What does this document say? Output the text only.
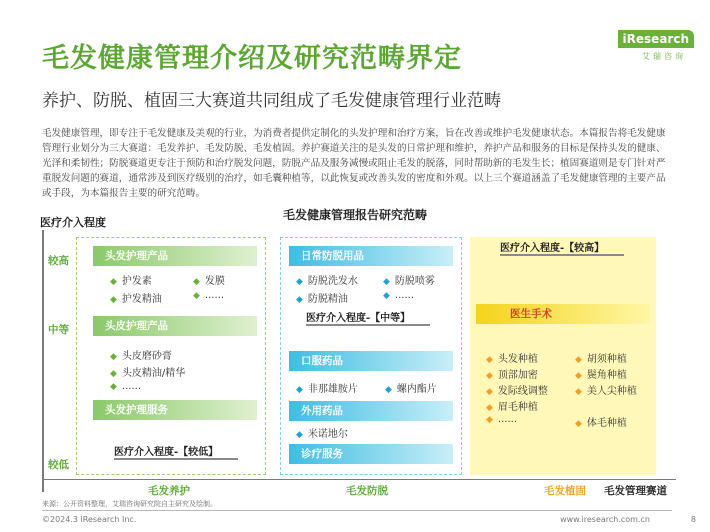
毛发健康管理介绍及研究范畴界定
养护、防脱、植固三大赛道共同组成了毛发健康管理行业范畴
iResearch
艾瑞咨询
毛发健康管理，即专注于毛发健康及美观的行业，为消费者提供定制化的头发护理和治疗方案，旨在改善或维护毛发健康状态。本篇报告将毛发健康管理行业划分为三大赛道：毛发养护、毛发防脱、毛发植固。养护赛道关注的是头发的日常护理和维护，养护产品和服务的目标是保持头发的健康、光泽和柔韧性；防脱赛道更专注于预防和治疗脱发问题，防脱产品及服务减慢或阻止毛发的脱落，同时帮助新的毛发生长；植固赛道则是专门针对严重脱发问题的赛道，通常涉及到医疗级别的治疗，如毛囊种植等，以此恢复或改善头发的密度和外观。以上三个赛道涵盖了毛发健康管理的主要产品或手段，为本篇报告主要的研究范畴。
毛发健康管理报告研究范畴
医疗介入程度
较高
中等
较低
头发护理产品
◆ 护发素	◆ 发膜
◆ 护发精油	◆ ......
头皮护理产品
◆ 头皮磨砂膏
◆ 头皮精油/精华
◆ ......
头发护理服务
医疗介入程度-【较低】
日常防脱用品
◆ 防脱洗发水	◆ 防脱喷雾
◆ 防脱精油	◆ ......
医疗介入程度-【中等】
口服药品
◆ 非那雄胺片	◆ 螺内酯片
外用药品
◆ 米诺地尔
诊疗服务
医疗介入程度-【较高】
医生手术
◆ 头发种植	◆ 胡须种植
◆ 顶部加密	◆ 鬓角种植
◆ 发际线调整	◆ 美人尖种植
◆ 眉毛种植
◆ ......	◆ 体毛种植
毛发养护	毛发防脱	毛发植固 毛发管理赛道
来源：公开资料整理，艾瑞咨询研究院自主研究及绘制。
©2024.3 iResearch Inc.	www.iresearch.com.cn	8
